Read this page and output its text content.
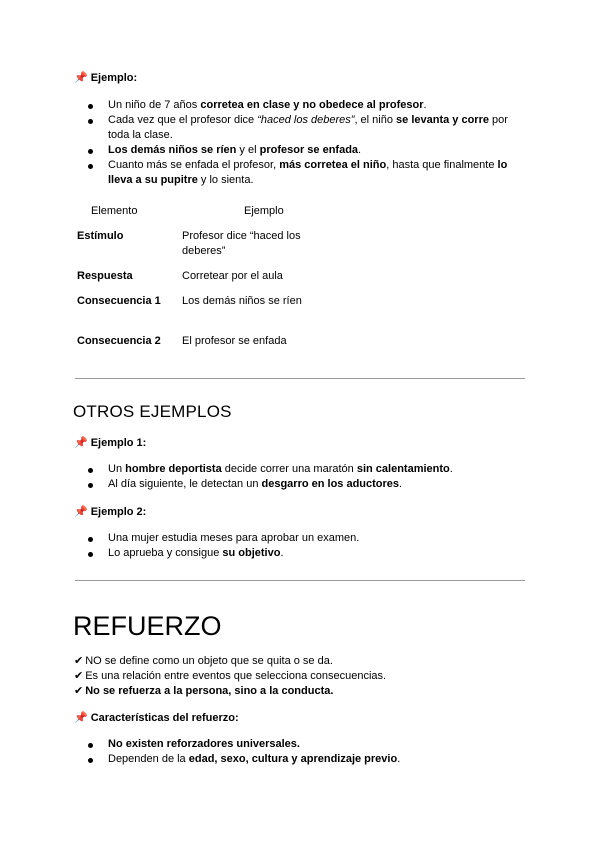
📌 Ejemplo:
Un niño de 7 años corretea en clase y no obedece al profesor.
Cada vez que el profesor dice “haced los deberes”, el niño se levanta y corre por toda la clase.
Los demás niños se ríen y el profesor se enfada.
Cuanto más se enfada el profesor, más corretea el niño, hasta que finalmente lo lleva a su pupitre y lo sienta.
Elemento	Ejemplo
Estímulo	Profesor dice “haced los deberes”
Respuesta	Corretear por el aula
Consecuencia 1	Los demás niños se ríen
Consecuencia 2	El profesor se enfada
OTROS EJEMPLOS
📌 Ejemplo 1:
Un hombre deportista decide correr una maratón sin calentamiento.
Al día siguiente, le detectan un desgarro en los aductores.
📌 Ejemplo 2:
Una mujer estudia meses para aprobar un examen.
Lo aprueba y consigue su objetivo.
REFUERZO
✔ NO se define como un objeto que se quita o se da.
✔ Es una relación entre eventos que selecciona consecuencias.
✔ No se refuerza a la persona, sino a la conducta.
📌 Características del refuerzo:
No existen reforzadores universales.
Dependen de la edad, sexo, cultura y aprendizaje previo.
